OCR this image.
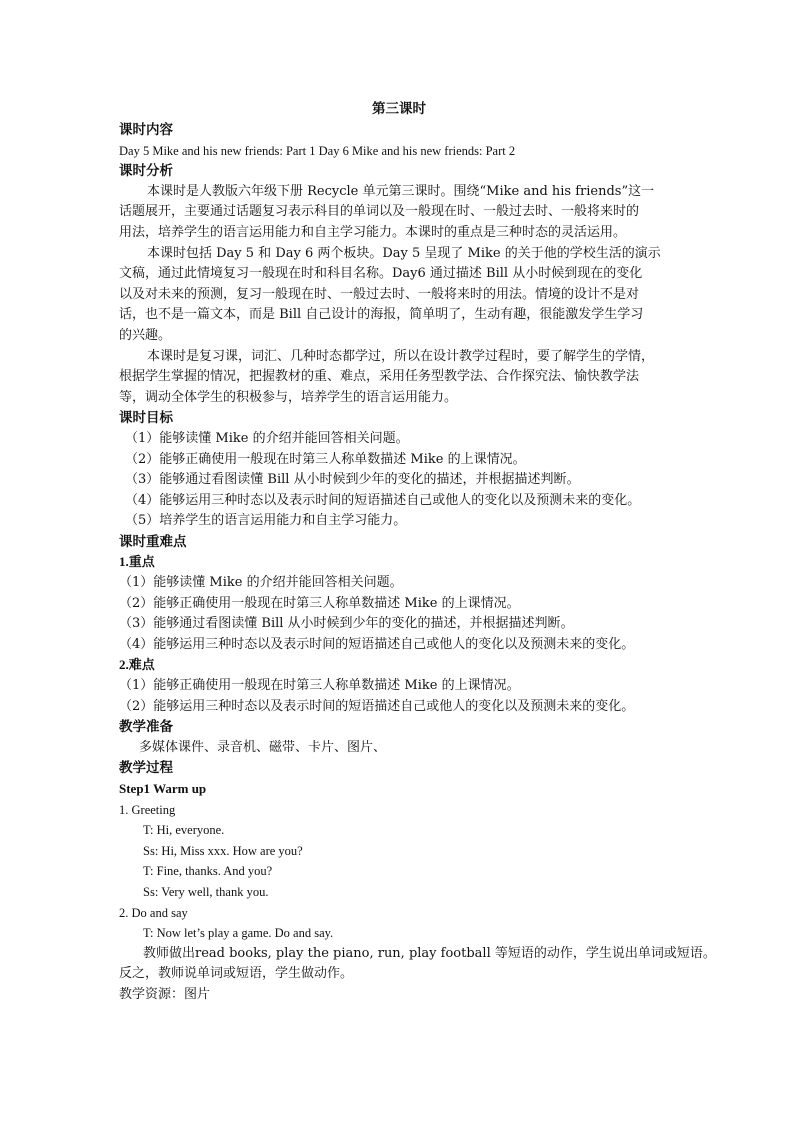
第三课时
课时内容
Day 5 Mike and his new friends: Part 1 Day 6 Mike and his new friends: Part 2
课时分析
本课时是人教版六年级下册 Recycle 单元第三课时。围绕“Mike and his friends”这一
话题展开，主要通过话题复习表示科目的单词以及一般现在时、一般过去时、一般将来时的
用法，培养学生的语言运用能力和自主学习能力。本课时的重点是三种时态的灵活运用。
本课时包括 Day 5 和 Day 6 两个板块。Day 5 呈现了 Mike 的关于他的学校生活的演示
文稿，通过此情境复习一般现在时和科目名称。Day6 通过描述 Bill 从小时候到现在的变化
以及对未来的预测，复习一般现在时、一般过去时、一般将来时的用法。情境的设计不是对
话，也不是一篇文本，而是 Bill 自己设计的海报，简单明了，生动有趣，很能激发学生学习
的兴趣。
本课时是复习课，词汇、几种时态都学过，所以在设计教学过程时，要了解学生的学情，
根据学生掌握的情况，把握教材的重、难点，采用任务型教学法、合作探究法、愉快教学法
等，调动全体学生的积极参与，培养学生的语言运用能力。
课时目标
（1）能够读懂 Mike 的介绍并能回答相关问题。
（2）能够正确使用一般现在时第三人称单数描述 Mike 的上课情况。
（3）能够通过看图读懂 Bill 从小时候到少年的变化的描述，并根据描述判断。
（4）能够运用三种时态以及表示时间的短语描述自己或他人的变化以及预测未来的变化。
（5）培养学生的语言运用能力和自主学习能力。
课时重难点
1.重点
（1）能够读懂 Mike 的介绍并能回答相关问题。
（2）能够正确使用一般现在时第三人称单数描述 Mike 的上课情况。
（3）能够通过看图读懂 Bill 从小时候到少年的变化的描述，并根据描述判断。
（4）能够运用三种时态以及表示时间的短语描述自己或他人的变化以及预测未来的变化。
2.难点
（1）能够正确使用一般现在时第三人称单数描述 Mike 的上课情况。
（2）能够运用三种时态以及表示时间的短语描述自己或他人的变化以及预测未来的变化。
教学准备
多媒体课件、录音机、磁带、卡片、图片、
教学过程
Step1 Warm up
1. Greeting
T: Hi, everyone.
Ss: Hi, Miss xxx. How are you?
T: Fine, thanks. And you?
Ss: Very well, thank you.
2. Do and say
T: Now let’s play a game. Do and say.
教师做出read books, play the piano, run, play football 等短语的动作，学生说出单词或短语。
反之，教师说单词或短语，学生做动作。
教学资源：图片
